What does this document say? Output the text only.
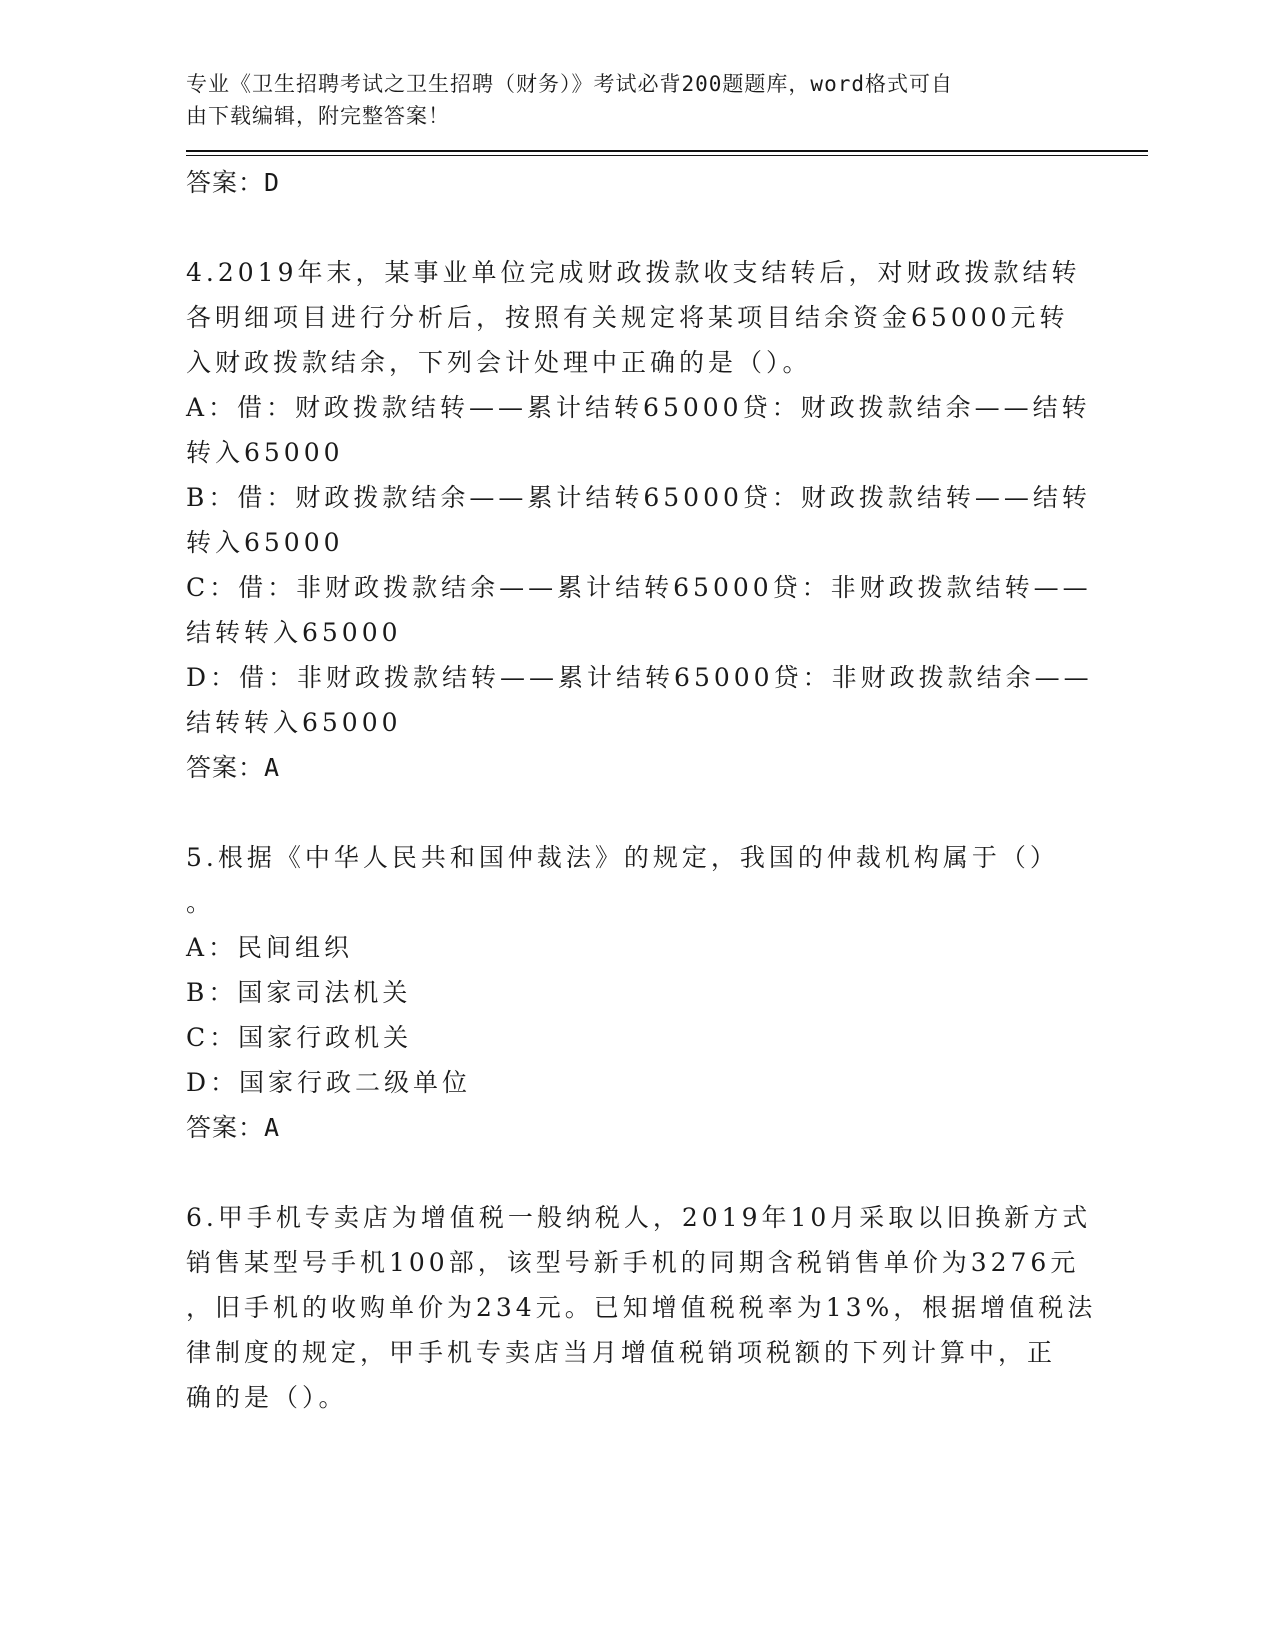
专业《卫生招聘考试之卫生招聘（财务）》考试必背200题题库，word格式可自
由下载编辑，附完整答案！
答案：D
4.2019年末，某事业单位完成财政拨款收支结转后，对财政拨款结转
各明细项目进行分析后，按照有关规定将某项目结余资金65000元转
入财政拨款结余，下列会计处理中正确的是（）。
A：借：财政拨款结转——累计结转65000贷：财政拨款结余——结转
转入65000
B：借：财政拨款结余——累计结转65000贷：财政拨款结转——结转
转入65000
C：借：非财政拨款结余——累计结转65000贷：非财政拨款结转——
结转转入65000
D：借：非财政拨款结转——累计结转65000贷：非财政拨款结余——
结转转入65000
答案：A
5.根据《中华人民共和国仲裁法》的规定，我国的仲裁机构属于（）
。
A：民间组织
B：国家司法机关
C：国家行政机关
D：国家行政二级单位
答案：A
6.甲手机专卖店为增值税一般纳税人，2019年10月采取以旧换新方式
销售某型号手机100部，该型号新手机的同期含税销售单价为3276元
，旧手机的收购单价为234元。已知增值税税率为13%，根据增值税法
律制度的规定，甲手机专卖店当月增值税销项税额的下列计算中，正
确的是（）。
